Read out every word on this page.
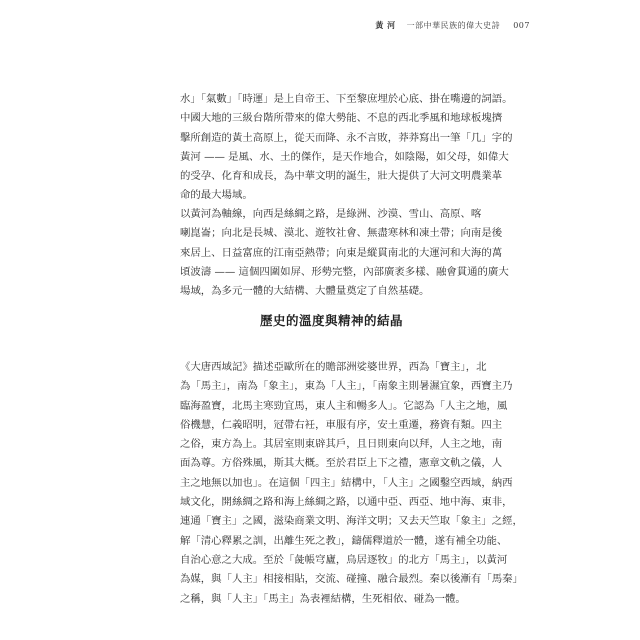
黃 河 一部中華民族的偉大史詩 007
水」「氣數」「時運」是上自帝王、下至黎庶埋於心底、掛在嘴邊的詞語。
中國大地的三級台階所帶來的偉大勢能、不息的西北季風和地球板塊擠
擊所創造的黃土高原上，從天而降、永不言敗，莽莽寫出一筆「几」字的
黃河 —— 是風、水、土的傑作，是天作地合，如陰陽，如父母，如偉大
的受孕、化育和成長，為中華文明的誕生，壯大提供了大河文明農業革
命的最大場域。
以黃河為軸線，向西是絲綢之路，是綠洲、沙漠、雪山、高原、喀
喇崑崙；向北是長城、漠北、遊牧社會、無盡寒林和凍土帶；向南是後
來居上、日益富庶的江南亞熱帶；向東是縱貫南北的大運河和大海的萬
頃波濤 —— 這個四圍如屏、形勢完整，內部廣袤多樣、融會貫通的廣大
場域，為多元一體的大結構、大體量奠定了自然基礎。
歷史的溫度與精神的結晶
《大唐西域記》描述亞歐所在的贍部洲娑婆世界，西為「寶主」，北
為「馬主」，南為「象主」，東為「人主」，「南象主則暑濕宜象，西寶主乃
臨海盈寶，北馬主寒勁宜馬，東人主和暢多人」。它認為「人主之地，風
俗機慧，仁義昭明，冠帶右衽，車服有序，安土重遷，務資有類。四主
之俗，東方為上。其居室則東辟其戶，且日則東向以拜，人主之地，南
面為尊。方俗殊風，斯其大概。至於君臣上下之禮，憲章文軌之儀，人
主之地無以加也」。在這個「四主」結構中，「人主」之國鑿空西域，納西
域文化，開絲綢之路和海上絲綢之路，以通中亞、西亞、地中海、東非，
連通「寶主」之國，滋染商業文明、海洋文明；又去天竺取「象主」之經，
解「清心釋累之訓，出離生死之教」，鑄儒釋道於一體，遂有補全功能、
自治心意之大成。至於「彘帳穹廬，鳥居逐牧」的北方「馬主」，以黃河
為媒，與「人主」相接相貼，交流、碰撞、融合最烈。秦以後漸有「馬秦」
之稱，與「人主」「馬主」為表裡結構，生死相依、碰為一體。
